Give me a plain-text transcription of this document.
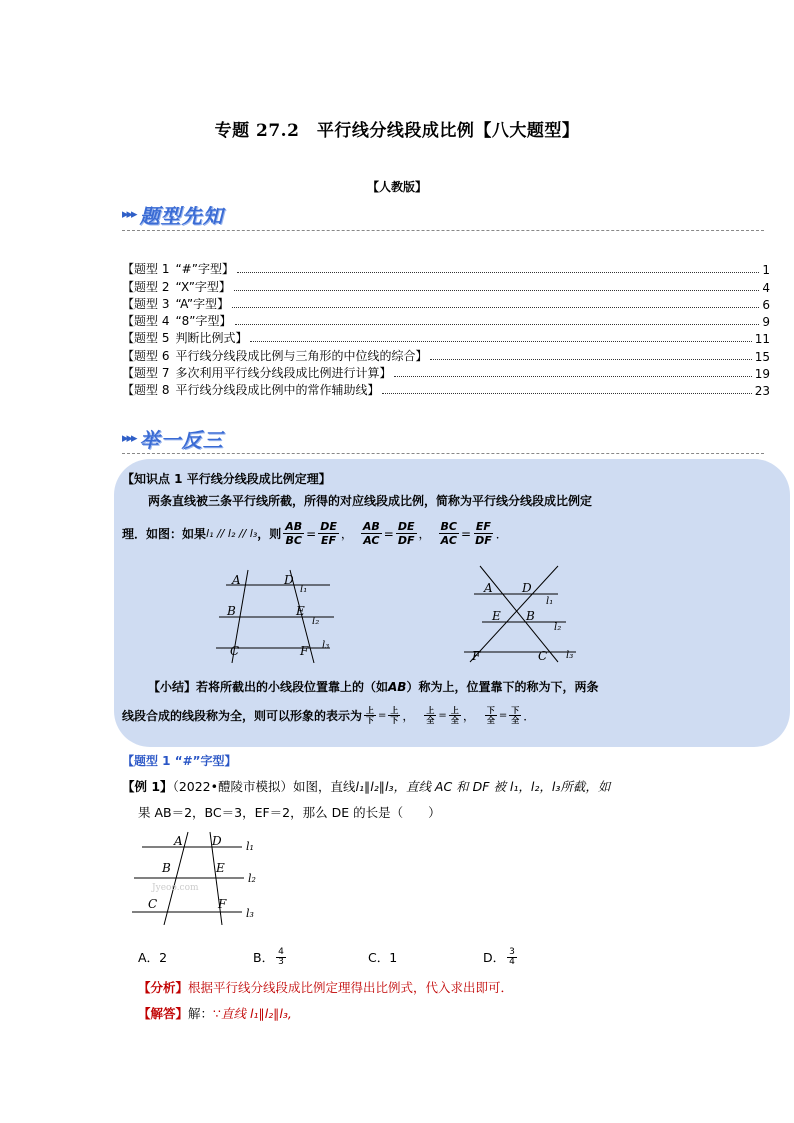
专题 27.2　平行线分线段成比例【八大题型】
【人教版】
▸▸▸ 题型先知
【题型 1 “#”字型】	1
【题型 2 “X”字型】	4
【题型 3 “A”字型】	6
【题型 4 “8”字型】	9
【题型 5 判断比例式】	11
【题型 6 平行线分线段成比例与三角形的中位线的综合】	15
【题型 7 多次利用平行线分线段成比例进行计算】	19
【题型 8 平行线分线段成比例中的常作辅助线】	23
▸▸▸ 举一反三
【知识点 1 平行线分线段成比例定理】
两条直线被三条平行线所截，所得的对应线段成比例，简称为平行线分线段成比例定
理．如图：如果 l₁ // l₂ // l₃ ，则 $\frac{AB}{BC} = \frac{DE}{EF}$ ， $\frac{AB}{AC} = \frac{DE}{DF}$ ， $\frac{BC}{AC} = \frac{EF}{DF}$ ．
A	D
l₁
B	E
l₂
C	F l₃
A D
l₁
E B
l₂
F	C l₃
【小结】若将所截出的小线段位置靠上的（如AB）称为上，位置靠下的称为下，两条
线段合成的线段称为全，则可以形象的表示为 $\frac{\text{上}}{\text{下}} = \frac{\text{上}}{\text{下}}$ ， $\frac{\text{上}}{\text{全}} = \frac{\text{上}}{\text{全}}$ ， $\frac{\text{下}}{\text{全}} = \frac{\text{下}}{\text{全}}$ ．
【题型 1 “#”字型】
【例 1】（2022•醴陵市模拟）如图，直线l₁∥l₂∥l₃，直线 AC 和 DF 被 l₁，l₂，l₃所截，如
果 AB＝2，BC＝3，EF＝2，那么 DE 的长是（　　）
A D l₁
B	E
l₂
C	F
l₃
Jyeoo.com
A． 2	B． $\frac{4}{3}$	C． 1	D． $\frac{3}{4}$
【分析】根据平行线分线段成比例定理得出比例式，代入求出即可．
【解答】解：∵直线 l₁∥l₂∥l₃,
